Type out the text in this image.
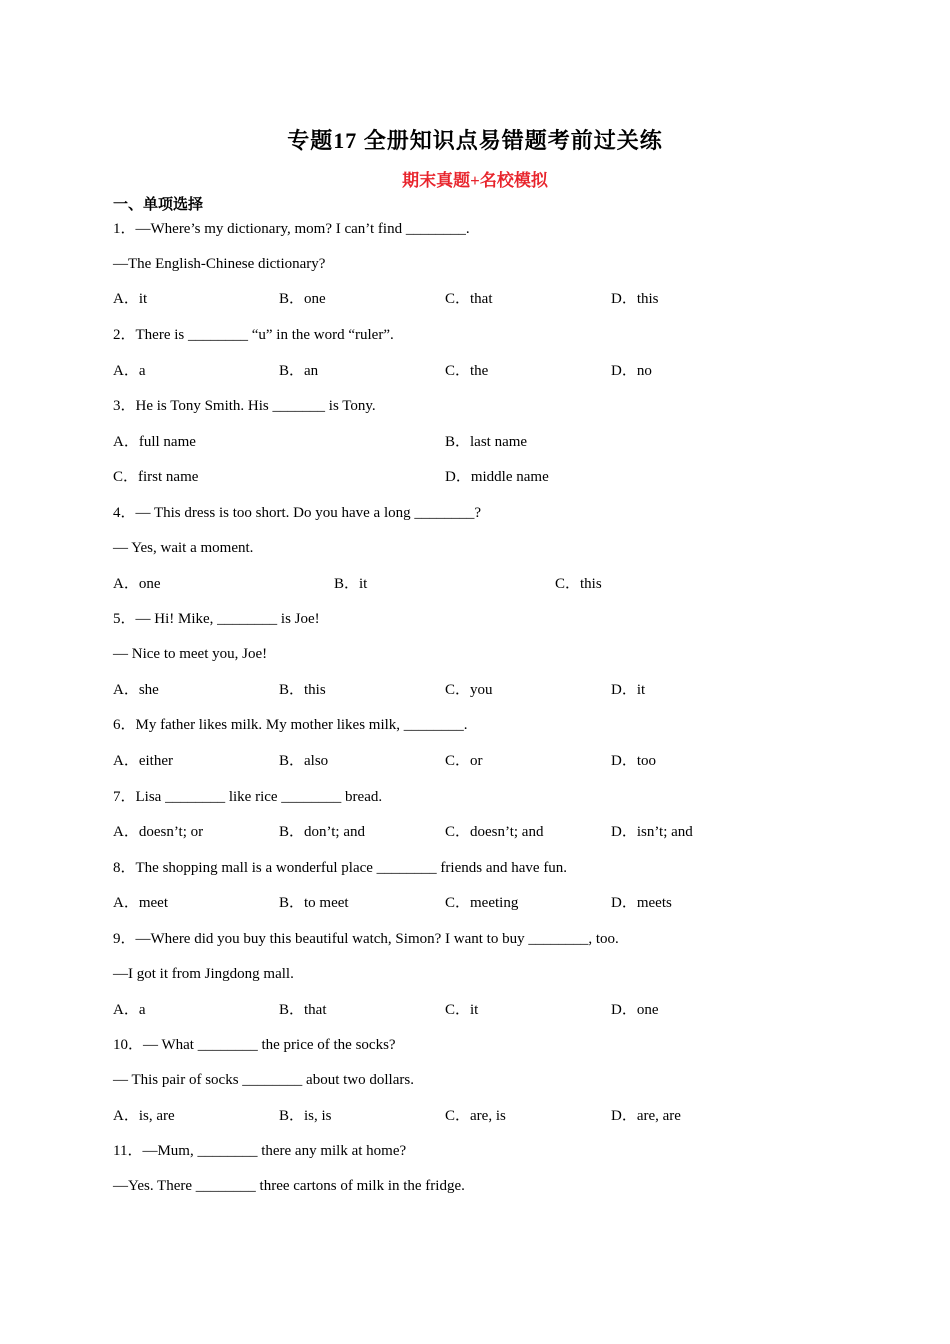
专题17 全册知识点易错题考前过关练
期末真题+名校模拟
一、单项选择
1．—Where’s my dictionary, mom? I can’t find ________.
—The English-Chinese dictionary?
A．it	B．one	C．that	D．this
2．There is ________ “u” in the word “ruler”.
A．a	B．an	C．the	D．no
3．He is Tony Smith. His _______ is Tony.
A．full name	B．last name
C．first name	D．middle name
4．— This dress is too short. Do you have a long ________?
— Yes, wait a moment.
A．one	B．it	C．this
5．— Hi! Mike, ________ is Joe!
— Nice to meet you, Joe!
A．she	B．this	C．you	D．it
6．My father likes milk. My mother likes milk, ________.
A．either	B．also	C．or	D．too
7．Lisa ________ like rice ________ bread.
A．doesn’t; or	B．don’t; and	C．doesn’t; and	D．isn’t; and
8．The shopping mall is a wonderful place ________ friends and have fun.
A．meet	B．to meet	C．meeting	D．meets
9．—Where did you buy this beautiful watch, Simon? I want to buy ________, too.
—I got it from Jingdong mall.
A．a	B．that	C．it	D．one
10．— What ________ the price of the socks?
— This pair of socks ________ about two dollars.
A．is, are	B．is, is	C．are, is	D．are, are
11．—Mum, ________ there any milk at home?
—Yes. There ________ three cartons of milk in the fridge.
